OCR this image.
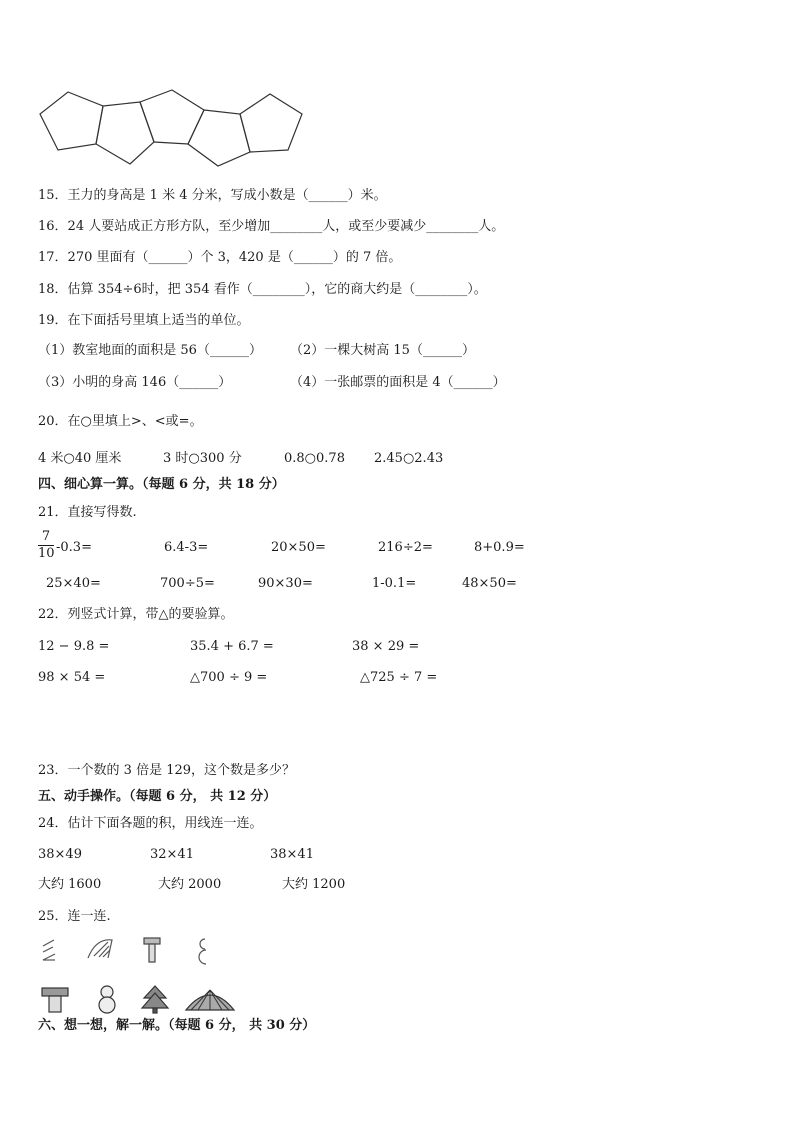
15．王力的身高是 1 米 4 分米，写成小数是（______）米。
16．24 人要站成正方形方队，至少增加________人，或至少要减少________人。
17．270 里面有（______）个 3，420 是（______）的 7 倍。
18．估算 354÷6时，把 354 看作（________），它的商大约是（________）。
19．在下面括号里填上适当的单位。
（1）教室地面的面积是 56（______） （2）一棵大树高 15（______）
（3）小明的身高 146（______）	（4）一张邮票的面积是 4（______）
20．在○里填上>、<或=。
4 米○40 厘米	3 时○300 分	0.8○0.78 2.45○2.43
四、细心算一算。（每题 6 分，共 18 分）
21．直接写得数.
7
10 -0.3=	6.4-3=	20×50=	216÷2=	8+0.9=
25×40=	700÷5=	90×30=	1-0.1=	48×50=
22．列竖式计算，带△的要验算。
12 − 9.8 =	35.4 + 6.7 =	38 × 29 =
98 × 54 =	△700 ÷ 9 =	△725 ÷ 7 =
23．一个数的 3 倍是 129，这个数是多少？
五、动手操作。（每题 6 分， 共 12 分）
24．估计下面各题的积，用线连一连。
38×49	32×41	38×41
大约 1600	大约 2000	大约 1200
25．连一连.
六、想一想，解一解。（每题 6 分， 共 30 分）
